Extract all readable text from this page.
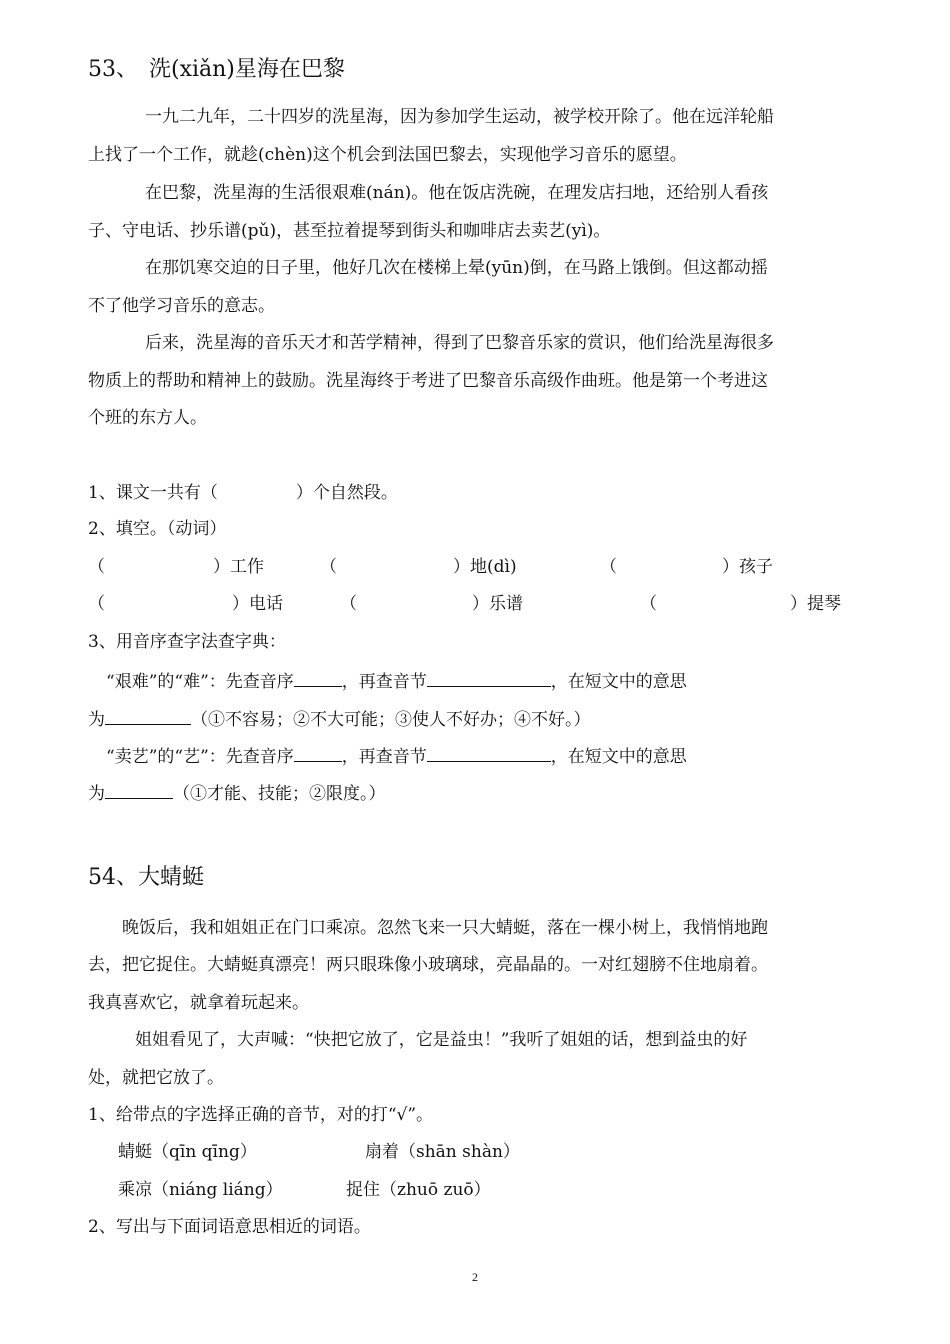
53、　洗(xiǎn)星海在巴黎
一九二九年，二十四岁的洗星海，因为参加学生运动，被学校开除了。他在远洋轮船
上找了一个工作，就趁(chèn)这个机会到法国巴黎去，实现他学习音乐的愿望。
在巴黎，洗星海的生活很艰难(nán)。他在饭店洗碗，在理发店扫地，还给别人看孩
子、守电话、抄乐谱(pǔ)，甚至拉着提琴到街头和咖啡店去卖艺(yì)。
在那饥寒交迫的日子里，他好几次在楼梯上晕(yūn)倒，在马路上饿倒。但这都动摇
不了他学习音乐的意志。
后来，洗星海的音乐天才和苦学精神，得到了巴黎音乐家的赏识，他们给洗星海很多
物质上的帮助和精神上的鼓励。洗星海终于考进了巴黎音乐高级作曲班。他是第一个考进这
个班的东方人。
1、课文一共有（	）个自然段。
2、填空。（动词）
（	）工作	（	）地(dì)	（	）孩子
（	）电话	（	）乐谱	（	）提琴
3、用音序查字法查字典：
“艰难”的“难”：先查音序	，再查音节	，在短文中的意思
为	（①不容易；②不大可能；③使人不好办；④不好。）
“卖艺”的“艺”：先查音序	，再查音节	，在短文中的意思
为	（①才能、技能；②限度。）
54、大蜻蜓
晚饭后，我和姐姐正在门口乘凉。忽然飞来一只大蜻蜓，落在一棵小树上，我悄悄地跑
去，把它捉住。大蜻蜓真漂亮！两只眼珠像小玻璃球，亮晶晶的。一对红翅膀不住地扇着。
我真喜欢它，就拿着玩起来。
姐姐看见了，大声喊：“快把它放了，它是益虫！”我听了姐姐的话，想到益虫的好
处，就把它放了。
1、给带点的字选择正确的音节，对的打“√”。
蜻蜓（qīn qīng）	扇着（shān shàn）
乘凉（niáng liáng）	捉住（zhuō zuō）
2、写出与下面词语意思相近的词语。
2
